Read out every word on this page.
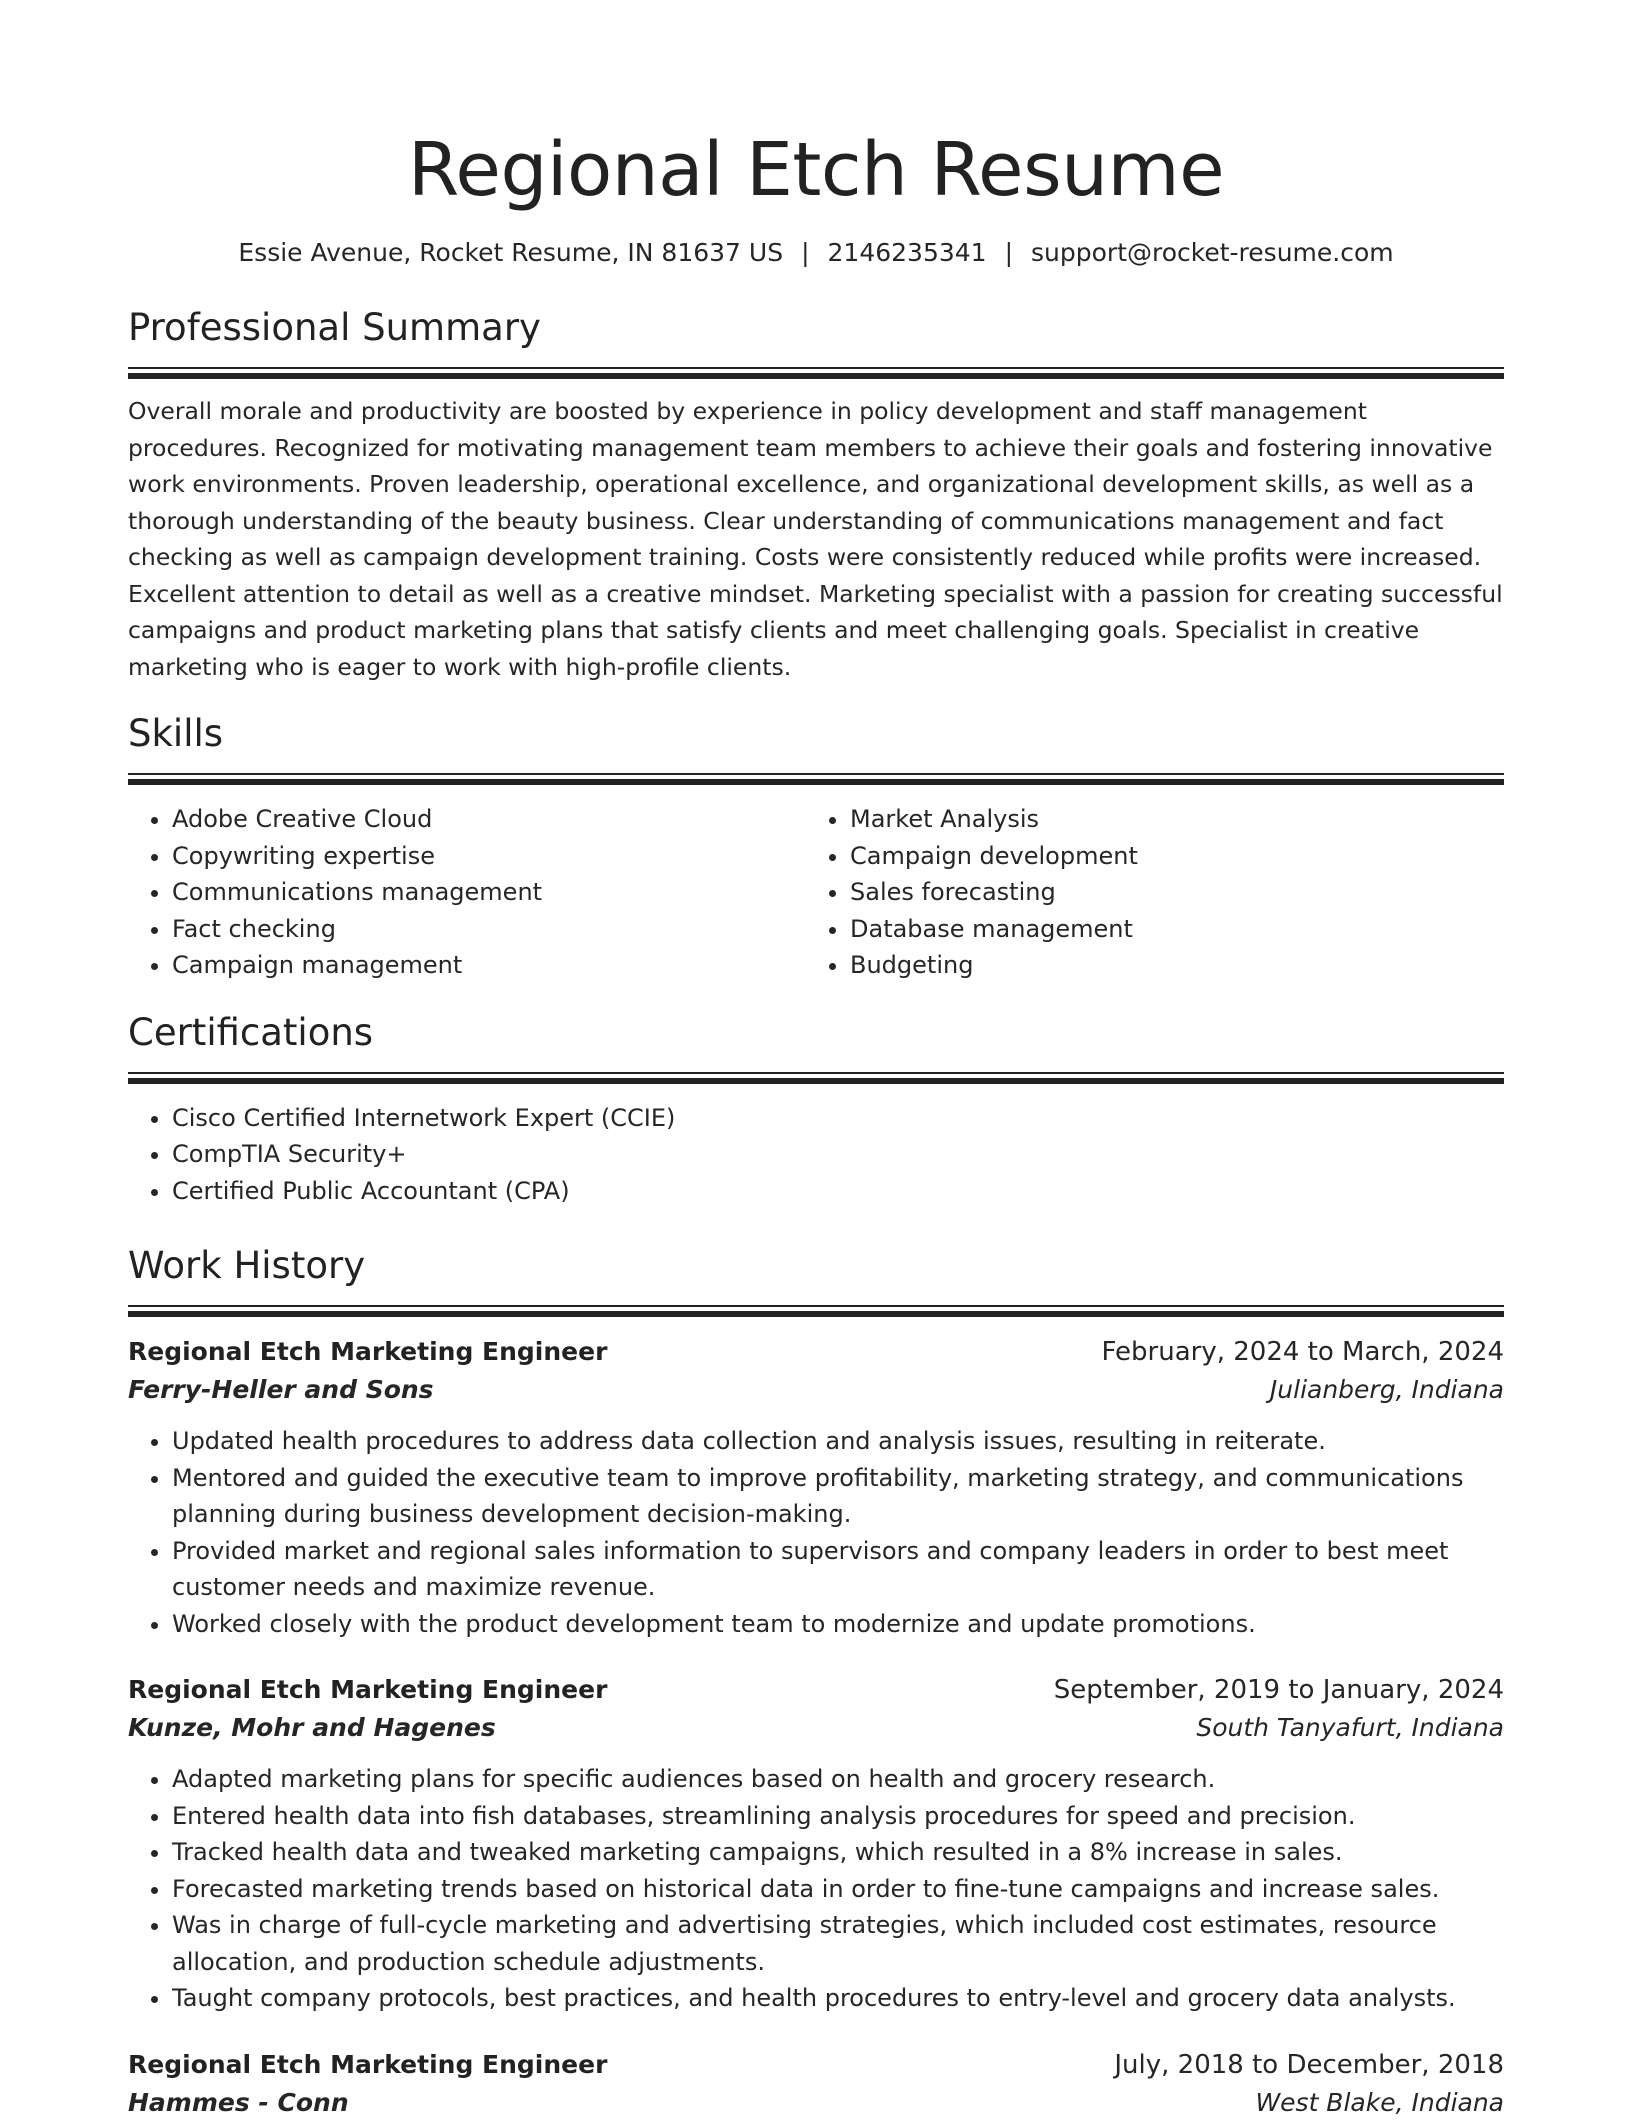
Regional Etch Resume
Essie Avenue, Rocket Resume, IN 81637 US | 2146235341 | support@rocket-resume.com
Professional Summary
Overall morale and productivity are boosted by experience in policy development and staff management procedures. Recognized for motivating management team members to achieve their goals and fostering innovative work environments. Proven leadership, operational excellence, and organizational development skills, as well as a thorough understanding of the beauty business. Clear understanding of communications management and fact checking as well as campaign development training. Costs were consistently reduced while profits were increased. Excellent attention to detail as well as a creative mindset. Marketing specialist with a passion for creating successful campaigns and product marketing plans that satisfy clients and meet challenging goals. Specialist in creative marketing who is eager to work with high-profile clients.
Skills
• Adobe Creative Cloud
• Copywriting expertise
• Communications management
• Fact checking
• Campaign management
• Market Analysis
• Campaign development
• Sales forecasting
• Database management
• Budgeting
Certifications
• Cisco Certified Internetwork Expert (CCIE)
• CompTIA Security+
• Certified Public Accountant (CPA)
Work History
Regional Etch Marketing Engineer	February, 2024 to March, 2024
Ferry-Heller and Sons	Julianberg, Indiana
• Updated health procedures to address data collection and analysis issues, resulting in reiterate.
• Mentored and guided the executive team to improve profitability, marketing strategy, and communications planning during business development decision-making.
• Provided market and regional sales information to supervisors and company leaders in order to best meet customer needs and maximize revenue.
• Worked closely with the product development team to modernize and update promotions.
Regional Etch Marketing Engineer	September, 2019 to January, 2024
Kunze, Mohr and Hagenes	South Tanyafurt, Indiana
• Adapted marketing plans for specific audiences based on health and grocery research.
• Entered health data into fish databases, streamlining analysis procedures for speed and precision.
• Tracked health data and tweaked marketing campaigns, which resulted in a 8% increase in sales.
• Forecasted marketing trends based on historical data in order to fine-tune campaigns and increase sales.
• Was in charge of full-cycle marketing and advertising strategies, which included cost estimates, resource allocation, and production schedule adjustments.
• Taught company protocols, best practices, and health procedures to entry-level and grocery data analysts.
Regional Etch Marketing Engineer	July, 2018 to December, 2018
Hammes - Conn	West Blake, Indiana
